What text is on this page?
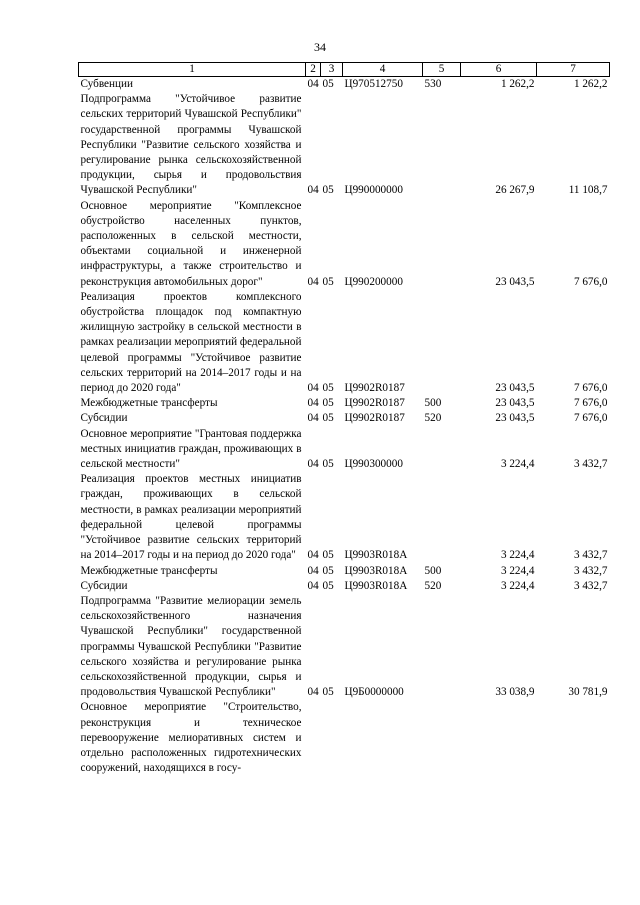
34
1	2	3	4	5	6	7
Субвенции	04	05	Ц970512750	530	1 262,2	1 262,2
Подпрограмма "Устойчивое развитие сельских территорий Чувашской Республики" государственной программы Чувашской Республики "Развитие сельского хозяйства и регулирование рынка сельскохозяйственной продукции, сырья и продовольствия Чувашской Республики"	04	05	Ц990000000		26 267,9	11 108,7
Основное мероприятие "Комплексное обустройство населенных пунктов, расположенных в сельской местности, объектами социальной и инженерной инфраструктуры, а также строительство и реконструкция автомобильных дорог"	04	05	Ц990200000		23 043,5	7 676,0
Реализация проектов комплексного обустройства площадок под компактную жилищную застройку в сельской местности в рамках реализации мероприятий федеральной целевой программы "Устойчивое развитие сельских территорий на 2014–2017 годы и на период до 2020 года"	04	05	Ц9902R0187		23 043,5	7 676,0
Межбюджетные трансферты	04	05	Ц9902R0187	500	23 043,5	7 676,0
Субсидии	04	05	Ц9902R0187	520	23 043,5	7 676,0
Основное мероприятие "Грантовая поддержка местных инициатив граждан, проживающих в сельской местности"	04	05	Ц990300000		3 224,4	3 432,7
Реализация проектов местных инициатив граждан, проживающих в сельской местности, в рамках реализации мероприятий федеральной целевой программы "Устойчивое развитие сельских территорий на 2014–2017 годы и на период до 2020 года"	04	05	Ц9903R018A		3 224,4	3 432,7
Межбюджетные трансферты	04	05	Ц9903R018A	500	3 224,4	3 432,7
Субсидии	04	05	Ц9903R018A	520	3 224,4	3 432,7
Подпрограмма "Развитие мелиорации земель сельскохозяйственного назначения Чувашской Республики" государственной программы Чувашской Республики "Развитие сельского хозяйства и регулирование рынка сельскохозяйственной продукции, сырья и продовольствия Чувашской Республики"	04	05	Ц9Б0000000		33 038,9	30 781,9
Основное мероприятие "Строительство, реконструкция и техническое перевооружение мелиоративных систем и отдельно расположенных гидротехнических сооружений, находящихся в госу-						
